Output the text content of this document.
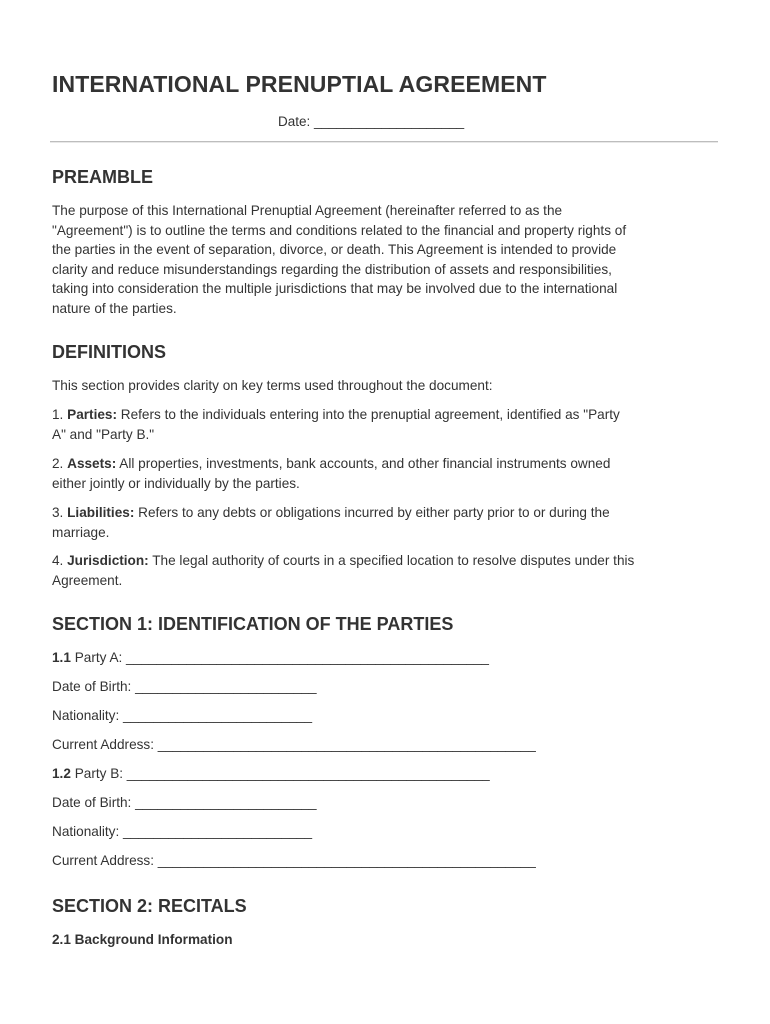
INTERNATIONAL PRENUPTIAL AGREEMENT
Date: ____________________
PREAMBLE

The purpose of this International Prenuptial Agreement (hereinafter referred to as the

"Agreement") is to outline the terms and conditions related to the financial and property rights of

the parties in the event of separation, divorce, or death. This Agreement is intended to provide

clarity and reduce misunderstandings regarding the distribution of assets and responsibilities,

taking into consideration the multiple jurisdictions that may be involved due to the international

nature of the parties.

DEFINITIONS

This section provides clarity on key terms used throughout the document:

1. Parties: Refers to the individuals entering into the prenuptial agreement, identified as "Party
A" and "Party B."
2. Assets: All properties, investments, bank accounts, and other financial instruments owned
either jointly or individually by the parties.
3. Liabilities: Refers to any debts or obligations incurred by either party prior to or during the
marriage.
4. Jurisdiction: The legal authority of courts in a specified location to resolve disputes under this
Agreement.
SECTION 1: IDENTIFICATION OF THE PARTIES

1.1 Party A: ________________________________________________

Date of Birth: ________________________

Nationality: _________________________

Current Address: __________________________________________________

1.2 Party B: ________________________________________________

Date of Birth: ________________________

Nationality: _________________________

Current Address: __________________________________________________

SECTION 2: RECITALS

2.1 Background Information
